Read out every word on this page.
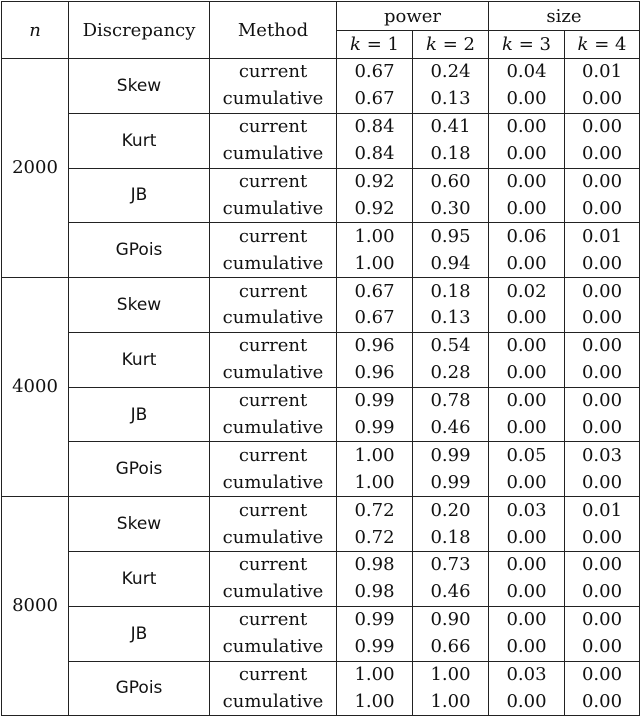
n	Discrepancy	Method	power		size	
			k = 1	k = 2	k = 3	k = 4
2000	Skew	current	0.67	0.24	0.04	0.01
		cumulative	0.67	0.13	0.00	0.00
	Kurt	current	0.84	0.41	0.00	0.00
		cumulative	0.84	0.18	0.00	0.00
	JB	current	0.92	0.60	0.00	0.00
		cumulative	0.92	0.30	0.00	0.00
	GPois	current	1.00	0.95	0.06	0.01
		cumulative	1.00	0.94	0.00	0.00
4000	Skew	current	0.67	0.18	0.02	0.00
		cumulative	0.67	0.13	0.00	0.00
	Kurt	current	0.96	0.54	0.00	0.00
		cumulative	0.96	0.28	0.00	0.00
	JB	current	0.99	0.78	0.00	0.00
		cumulative	0.99	0.46	0.00	0.00
	GPois	current	1.00	0.99	0.05	0.03
		cumulative	1.00	0.99	0.00	0.00
8000	Skew	current	0.72	0.20	0.03	0.01
		cumulative	0.72	0.18	0.00	0.00
	Kurt	current	0.98	0.73	0.00	0.00
		cumulative	0.98	0.46	0.00	0.00
	JB	current	0.99	0.90	0.00	0.00
		cumulative	0.99	0.66	0.00	0.00
	GPois	current	1.00	1.00	0.03	0.00
		cumulative	1.00	1.00	0.00	0.00
